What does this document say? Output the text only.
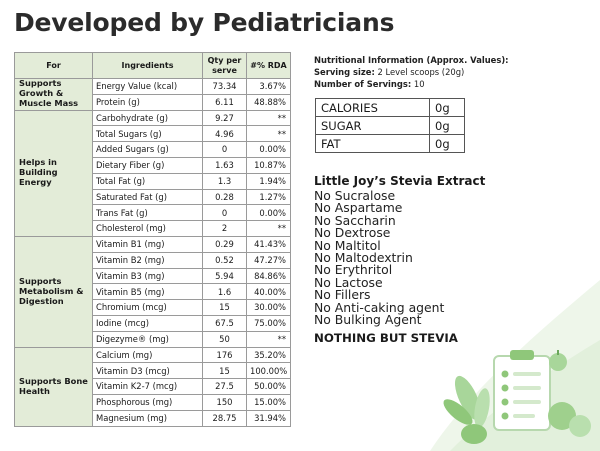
Developed by Pediatricians
For	Ingredients	Qty per serve	#% RDA
Supports Growth & Muscle Mass	Energy Value (kcal)	73.34	3.67%
	Protein (g)	6.11	48.88%
Helps in Building Energy	Carbohydrate (g)	9.27	**
	Total Sugars (g)	4.96	**
	Added Sugars (g)	0	0.00%
	Dietary Fiber (g)	1.63	10.87%
	Total Fat (g)	1.3	1.94%
	Saturated Fat (g)	0.28	1.27%
	Trans Fat (g)	0	0.00%
	Cholesterol (mg)	2	**
Supports Metabolism & Digestion	Vitamin B1 (mg)	0.29	41.43%
	Vitamin B2 (mg)	0.52	47.27%
	Vitamin B3 (mg)	5.94	84.86%
	Vitamin B5 (mg)	1.6	40.00%
	Chromium (mcg)	15	30.00%
	Iodine (mcg)	67.5	75.00%
	Digezyme® (mg)	50	**
Supports Bone Health	Calcium (mg)	176	35.20%
	Vitamin D3 (mcg)	15	100.00%
	Vitamin K2-7 (mcg)	27.5	50.00%
	Phosphorous (mg)	150	15.00%
	Magnesium (mg)	28.75	31.94%
Nutritional Information (Approx. Values):
Serving size: 2 Level scoops (20g)
Number of Servings: 10
CALORIES	0g
SUGAR	0g
FAT	0g
Little Joy’s Stevia Extract
No Sucralose
No Aspartame
No Saccharin
No Dextrose
No Maltitol
No Maltodextrin
No Erythritol
No Lactose
No Fillers
No Anti-caking agent
No Bulking Agent
NOTHING BUT STEVIA
